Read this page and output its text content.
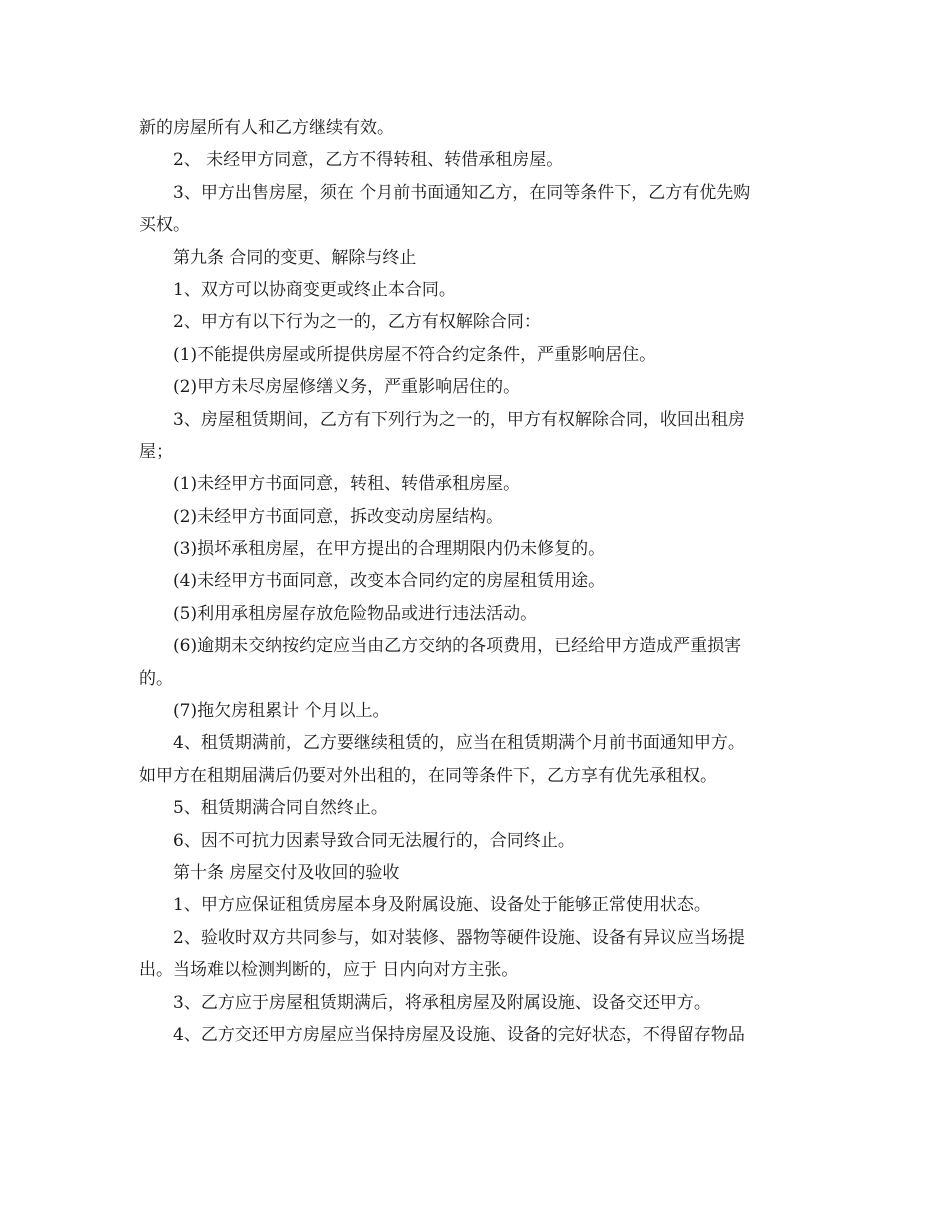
新的房屋所有人和乙方继续有效。
2、 未经甲方同意，乙方不得转租、转借承租房屋。
3、甲方出售房屋，须在 个月前书面通知乙方，在同等条件下，乙方有优先购
买权。
第九条 合同的变更、解除与终止
1、双方可以协商变更或终止本合同。
2、甲方有以下行为之一的，乙方有权解除合同：
(1)不能提供房屋或所提供房屋不符合约定条件，严重影响居住。
(2)甲方未尽房屋修缮义务，严重影响居住的。
3、房屋租赁期间，乙方有下列行为之一的，甲方有权解除合同，收回出租房
屋；
(1)未经甲方书面同意，转租、转借承租房屋。
(2)未经甲方书面同意，拆改变动房屋结构。
(3)损坏承租房屋，在甲方提出的合理期限内仍未修复的。
(4)未经甲方书面同意，改变本合同约定的房屋租赁用途。
(5)利用承租房屋存放危险物品或进行违法活动。
(6)逾期未交纳按约定应当由乙方交纳的各项费用，已经给甲方造成严重损害
的。
(7)拖欠房租累计 个月以上。
4、租赁期满前，乙方要继续租赁的，应当在租赁期满个月前书面通知甲方。
如甲方在租期届满后仍要对外出租的，在同等条件下，乙方享有优先承租权。
5、租赁期满合同自然终止。
6、因不可抗力因素导致合同无法履行的，合同终止。
第十条 房屋交付及收回的验收
1、甲方应保证租赁房屋本身及附属设施、设备处于能够正常使用状态。
2、验收时双方共同参与，如对装修、器物等硬件设施、设备有异议应当场提
出。当场难以检测判断的，应于 日内向对方主张。
3、乙方应于房屋租赁期满后，将承租房屋及附属设施、设备交还甲方。
4、乙方交还甲方房屋应当保持房屋及设施、设备的完好状态，不得留存物品
